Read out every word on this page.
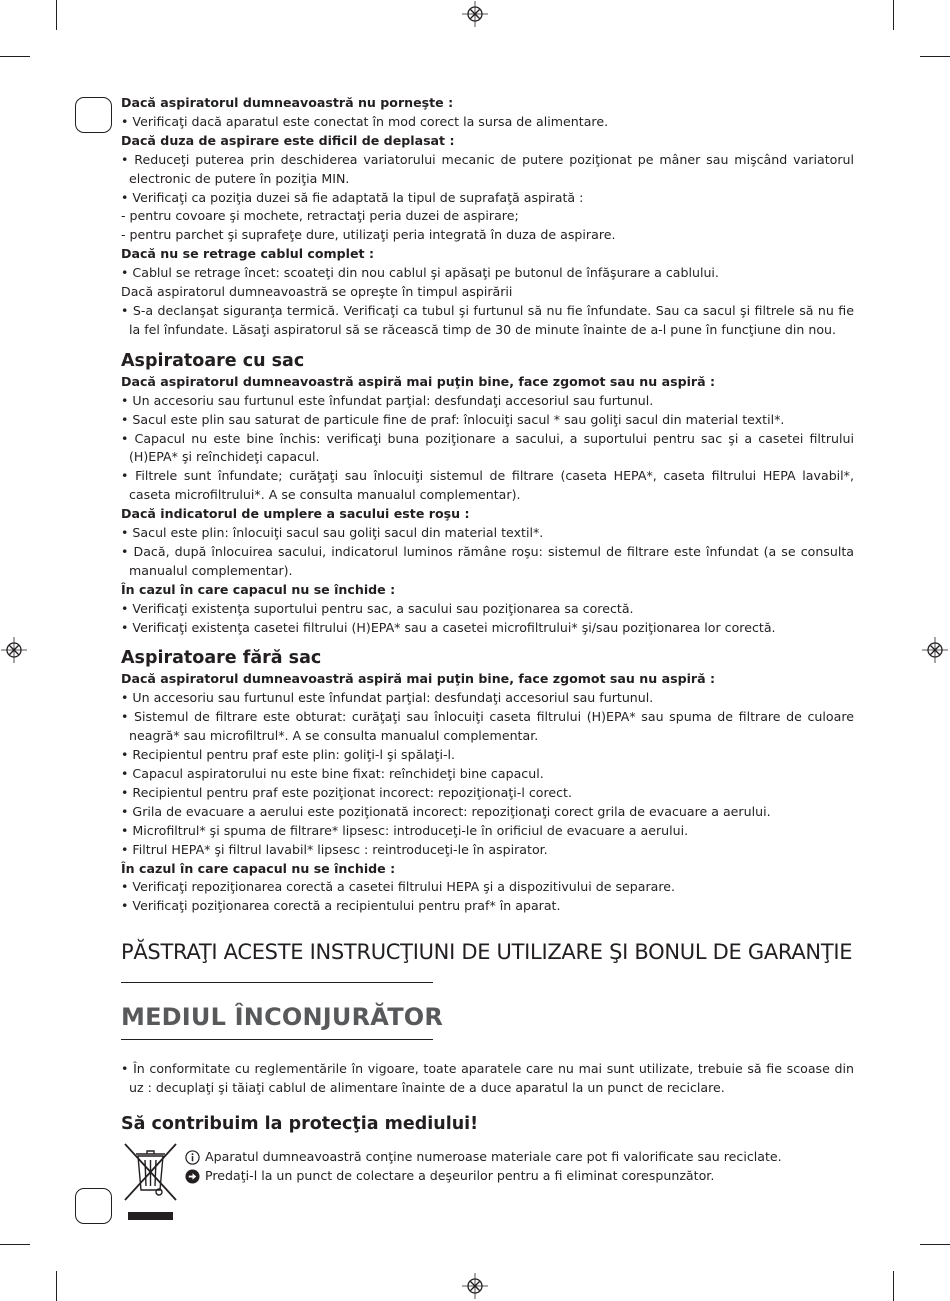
Dacă aspiratorul dumneavoastră nu porneşte :
• Verificaţi dacă aparatul este conectat în mod corect la sursa de alimentare.
Dacă duza de aspirare este dificil de deplasat :
• Reduceţi puterea prin deschiderea variatorului mecanic de putere poziţionat pe mâner sau mişcând variatorul electronic de putere în poziţia MIN.
• Verificaţi ca poziţia duzei să fie adaptată la tipul de suprafaţă aspirată :
- pentru covoare şi mochete, retractaţi peria duzei de aspirare;
- pentru parchet şi suprafeţe dure, utilizaţi peria integrată în duza de aspirare.
Dacă nu se retrage cablul complet :
• Cablul se retrage încet: scoateţi din nou cablul şi apăsaţi pe butonul de înfăşurare a cablului.
Dacă aspiratorul dumneavoastră se opreşte în timpul aspirării
• S-a declanşat siguranţa termică. Verificaţi ca tubul şi furtunul să nu fie înfundate. Sau ca sacul şi filtrele să nu fie la fel înfundate. Lăsaţi aspiratorul să se răcească timp de 30 de minute înainte de a-l pune în funcţiune din nou.
Aspiratoare cu sac
Dacă aspiratorul dumneavoastră aspiră mai puţin bine, face zgomot sau nu aspiră :
• Un accesoriu sau furtunul este înfundat parţial: desfundaţi accesoriul sau furtunul.
• Sacul este plin sau saturat de particule fine de praf: înlocuiţi sacul * sau goliţi sacul din material textil*.
• Capacul nu este bine închis: verificaţi buna poziţionare a sacului, a suportului pentru sac şi a casetei filtrului (H)EPA* şi reînchideţi capacul.
• Filtrele sunt înfundate; curăţaţi sau înlocuiţi sistemul de filtrare (caseta HEPA*, caseta filtrului HEPA lavabil*, caseta microfiltrului*. A se consulta manualul complementar).
Dacă indicatorul de umplere a sacului este roşu :
• Sacul este plin: înlocuiţi sacul sau goliţi sacul din material textil*.
• Dacă, după înlocuirea sacului, indicatorul luminos rămâne roşu: sistemul de filtrare este înfundat (a se consulta manualul complementar).
În cazul în care capacul nu se închide :
• Verificaţi existenţa suportului pentru sac, a sacului sau poziţionarea sa corectă.
• Verificaţi existenţa casetei filtrului (H)EPA* sau a casetei microfiltrului* şi/sau poziţionarea lor corectă.
Aspiratoare fără sac
Dacă aspiratorul dumneavoastră aspiră mai puţin bine, face zgomot sau nu aspiră :
• Un accesoriu sau furtunul este înfundat parţial: desfundaţi accesoriul sau furtunul.
• Sistemul de filtrare este obturat: curăţaţi sau înlocuiţi caseta filtrului (H)EPA* sau spuma de filtrare de culoare neagră* sau microfiltrul*. A se consulta manualul complementar.
• Recipientul pentru praf este plin: goliţi-l şi spălaţi-l.
• Capacul aspiratorului nu este bine fixat: reînchideţi bine capacul.
• Recipientul pentru praf este poziţionat incorect: repoziţionaţi-l corect.
• Grila de evacuare a aerului este poziţionată incorect: repoziţionaţi corect grila de evacuare a aerului.
• Microfiltrul* şi spuma de filtrare* lipsesc: introduceţi-le în orificiul de evacuare a aerului.
• Filtrul HEPA* şi filtrul lavabil* lipsesc : reintroduceţi-le în aspirator.
În cazul în care capacul nu se închide :
• Verificaţi repoziţionarea corectă a casetei filtrului HEPA şi a dispozitivului de separare.
• Verificaţi poziţionarea corectă a recipientului pentru praf* în aparat.
PĂSTRAŢI ACESTE INSTRUCŢIUNI DE UTILIZARE ŞI BONUL DE GARANŢIE
MEDIUL ÎNCONJURĂTOR
• În conformitate cu reglementările în vigoare, toate aparatele care nu mai sunt utilizate, trebuie să fie scoase din uz : decuplaţi şi tăiaţi cablul de alimentare înainte de a duce aparatul la un punct de reciclare.
Să contribuim la protecţia mediului!
Aparatul dumneavoastră conţine numeroase materiale care pot fi valorificate sau reciclate.
Predaţi-l la un punct de colectare a deşeurilor pentru a fi eliminat corespunzător.
